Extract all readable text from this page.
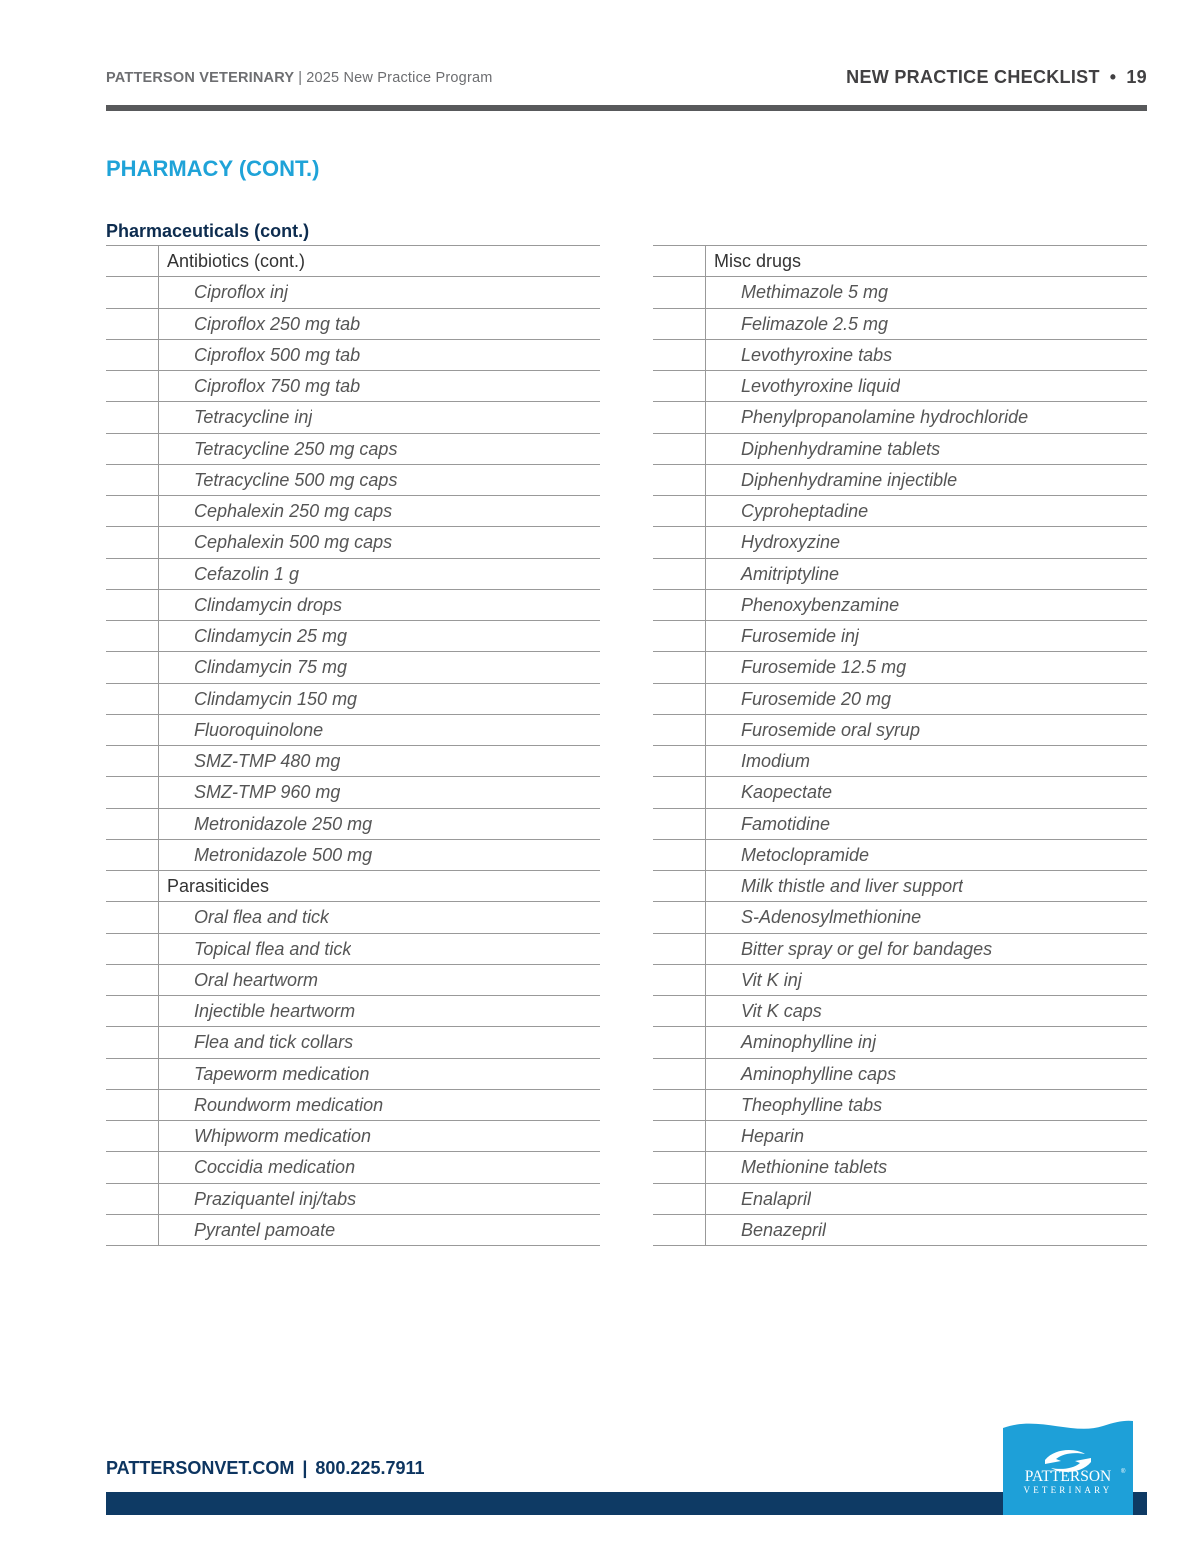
PATTERSON VETERINARY | 2025 New Practice Program	NEW PRACTICE CHECKLIST • 19
PHARMACY (CONT.)
Pharmaceuticals (cont.)
Antibiotics (cont.)
Ciproflox inj
Ciproflox 250 mg tab
Ciproflox 500 mg tab
Ciproflox 750 mg tab
Tetracycline inj
Tetracycline 250 mg caps
Tetracycline 500 mg caps
Cephalexin 250 mg caps
Cephalexin 500 mg caps
Cefazolin 1 g
Clindamycin drops
Clindamycin 25 mg
Clindamycin 75 mg
Clindamycin 150 mg
Fluoroquinolone
SMZ-TMP 480 mg
SMZ-TMP 960 mg
Metronidazole 250 mg
Metronidazole 500 mg
Parasiticides
Oral flea and tick
Topical flea and tick
Oral heartworm
Injectible heartworm
Flea and tick collars
Tapeworm medication
Roundworm medication
Whipworm medication
Coccidia medication
Praziquantel inj/tabs
Pyrantel pamoate
Misc drugs
Methimazole 5 mg
Felimazole 2.5 mg
Levothyroxine tabs
Levothyroxine liquid
Phenylpropanolamine hydrochloride
Diphenhydramine tablets
Diphenhydramine injectible
Cyproheptadine
Hydroxyzine
Amitriptyline
Phenoxybenzamine
Furosemide inj
Furosemide 12.5 mg
Furosemide 20 mg
Furosemide oral syrup
Imodium
Kaopectate
Famotidine
Metoclopramide
Milk thistle and liver support
S-Adenosylmethionine
Bitter spray or gel for bandages
Vit K inj
Vit K caps
Aminophylline inj
Aminophylline caps
Theophylline tabs
Heparin
Methionine tablets
Enalapril
Benazepril
PATTERSONVET.COM | 800.225.7911	PATTERSON ®
VETERINARY
